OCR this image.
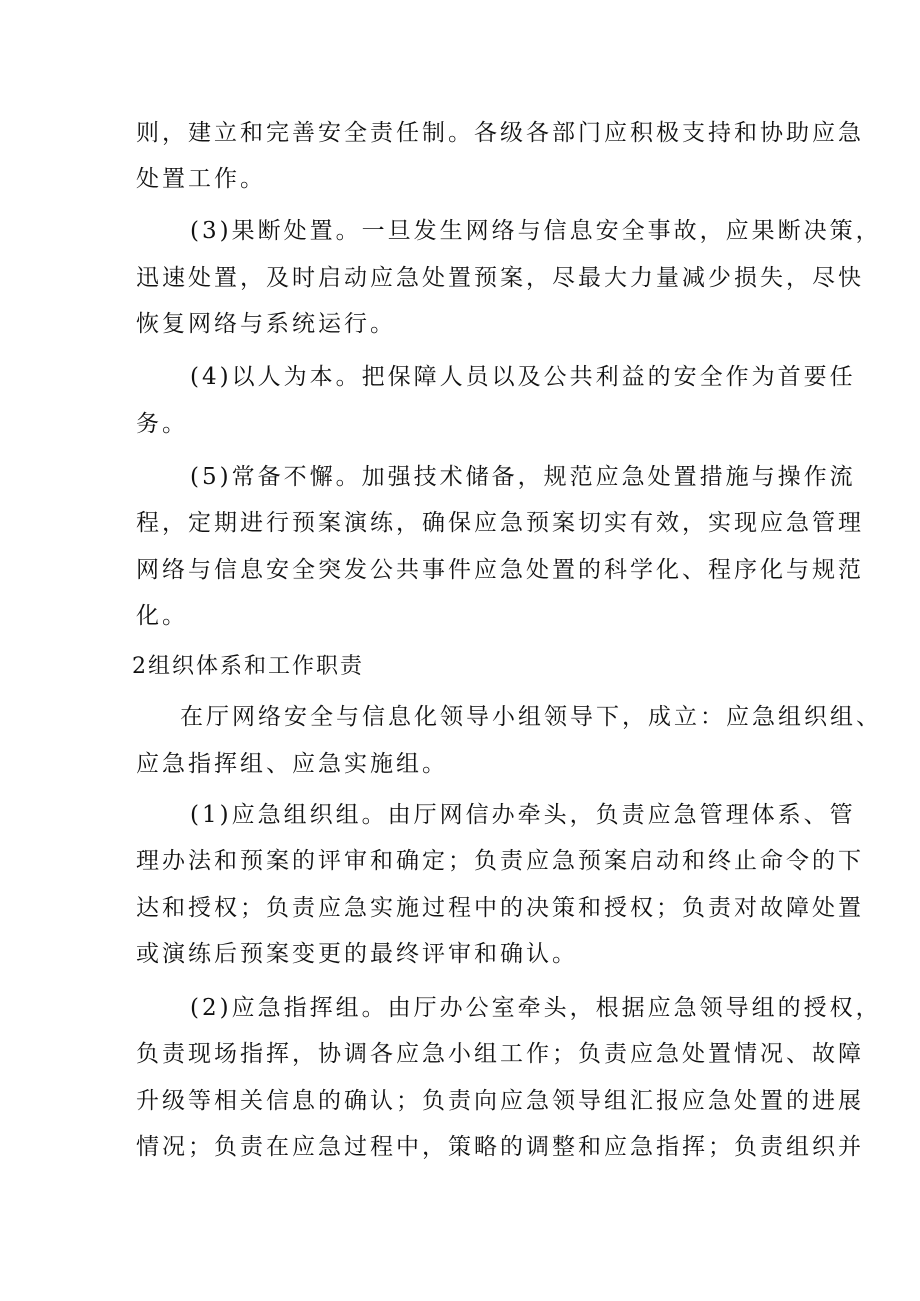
则，建立和完善安全责任制。各级各部门应积极支持和协助应急
处置工作。
(3)果断处置。一旦发生网络与信息安全事故，应果断决策，
迅速处置，及时启动应急处置预案，尽最大力量减少损失，尽快
恢复网络与系统运行。
(4)以人为本。把保障人员以及公共利益的安全作为首要任
务。
(5)常备不懈。加强技术储备，规范应急处置措施与操作流
程，定期进行预案演练，确保应急预案切实有效，实现应急管理
网络与信息安全突发公共事件应急处置的科学化、程序化与规范
化。
2组织体系和工作职责
在厅网络安全与信息化领导小组领导下，成立：应急组织组、
应急指挥组、应急实施组。
(1)应急组织组。由厅网信办牵头，负责应急管理体系、管
理办法和预案的评审和确定；负责应急预案启动和终止命令的下
达和授权；负责应急实施过程中的决策和授权；负责对故障处置
或演练后预案变更的最终评审和确认。
(2)应急指挥组。由厅办公室牵头，根据应急领导组的授权，
负责现场指挥，协调各应急小组工作；负责应急处置情况、故障
升级等相关信息的确认；负责向应急领导组汇报应急处置的进展
情况；负责在应急过程中，策略的调整和应急指挥；负责组织并
